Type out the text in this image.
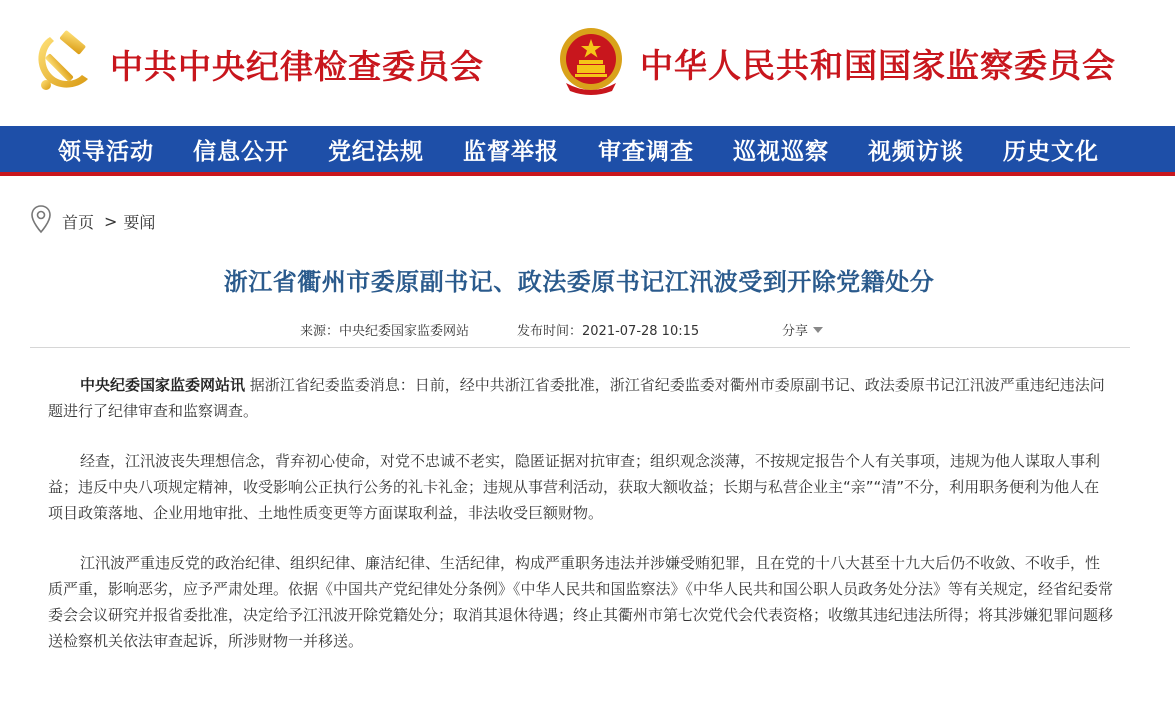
中共中央纪律检查委员会	中华人民共和国国家监察委员会
领导活动 信息公开 党纪法规 监督举报 审查调查 巡视巡察 视频访谈 历史文化
首页 > 要闻
浙江省衢州市委原副书记、政法委原书记江汛波受到开除党籍处分
来源：中央纪委国家监委网站	发布时间：2021-07-28 10:15	分享

中央纪委国家监委网站讯 据浙江省纪委监委消息：日前，经中共浙江省委批准，浙江省纪委监委对衢州市委原副书记、政法委原书记江汛波严重违纪违法问题进行了纪律审查和监察调查。

经查，江汛波丧失理想信念，背弃初心使命，对党不忠诚不老实，隐匿证据对抗审查；组织观念淡薄，不按规定报告个人有关事项，违规为他人谋取人事利益；违反中央八项规定精神，收受影响公正执行公务的礼卡礼金；违规从事营利活动，获取大额收益；长期与私营企业主“亲”“清”不分，利用职务便利为他人在项目政策落地、企业用地审批、土地性质变更等方面谋取利益，非法收受巨额财物。

江汛波严重违反党的政治纪律、组织纪律、廉洁纪律、生活纪律，构成严重职务违法并涉嫌受贿犯罪，且在党的十八大甚至十九大后仍不收敛、不收手，性质严重，影响恶劣，应予严肃处理。依据《中国共产党纪律处分条例》《中华人民共和国监察法》《中华人民共和国公职人员政务处分法》等有关规定，经省纪委常委会会议研究并报省委批准，决定给予江汛波开除党籍处分；取消其退休待遇；终止其衢州市第七次党代会代表资格；收缴其违纪违法所得；将其涉嫌犯罪问题移送检察机关依法审查起诉，所涉财物一并移送。
